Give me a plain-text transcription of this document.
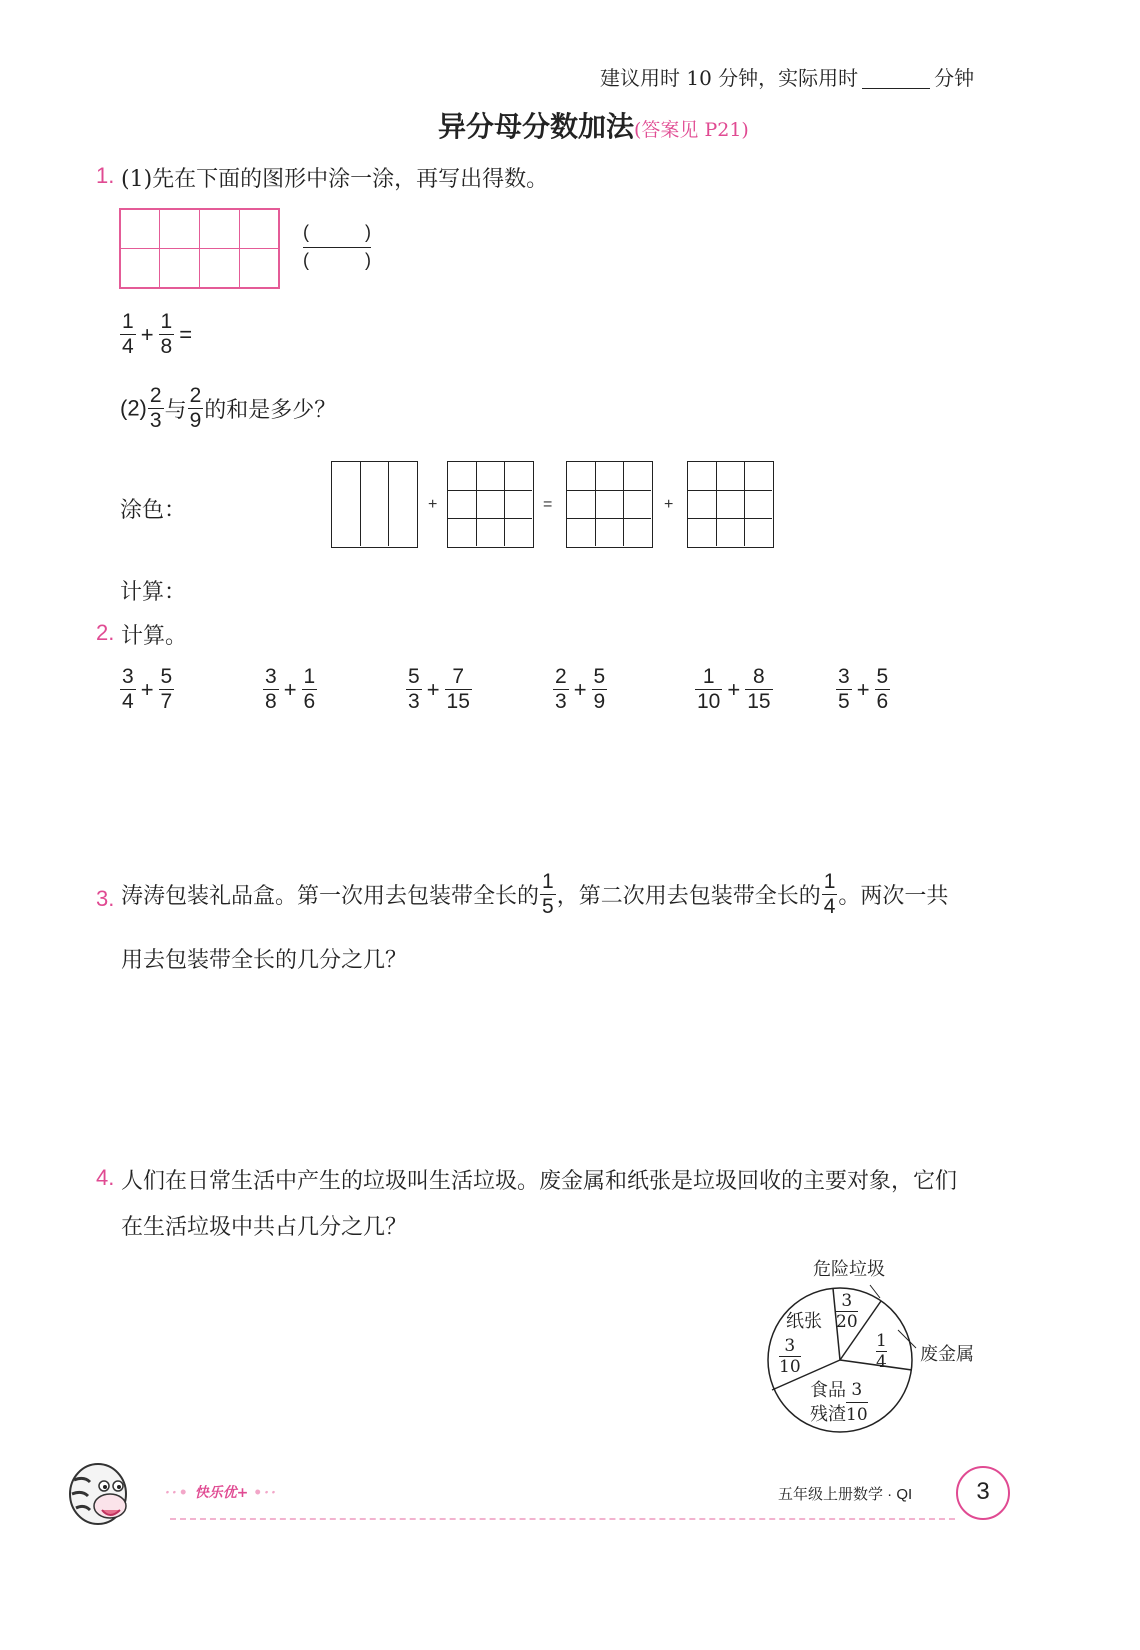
建议用时 10 分钟，实际用时	分钟
异分母分数加法(答案见 P21)
1. (1)先在下面的图形中涂一涂，再写出得数。
(	)
(	)
$\frac{1}{4} + \frac{1}{8}$ =
$(2) \frac{2}{3}$ 与 $\frac{2}{9}$ 的和是多少？
涂色：	+	=	+
计算：
2. 计算。
$\frac{3}{4} + \frac{5}{7}$	$\frac{3}{8} + \frac{1}{6}$	$\frac{5}{3} + \frac{7}{15}$	$\frac{2}{3} + \frac{5}{9}$	$\frac{1}{10} + \frac{8}{15}$	$\frac{3}{5} + \frac{5}{6}$
3. 涛涛包装礼品盒。第一次用去包装带全长的 $\frac{1}{5}$ ，第二次用去包装带全长的 $\frac{1}{4}$ 。两次一共
用去包装带全长的几分之几？
4. 人们在日常生活中产生的垃圾叫生活垃圾。废金属和纸张是垃圾回收的主要对象，它们
在生活垃圾中共占几分之几？
危险垃圾
$\frac{3}{20}$
纸张
$\frac{3}{10}$	$\frac{1}{4}$ 废金属
食品
残渣
3
10
··• 快乐优+ •··	五年级上册数学 · QI	3
